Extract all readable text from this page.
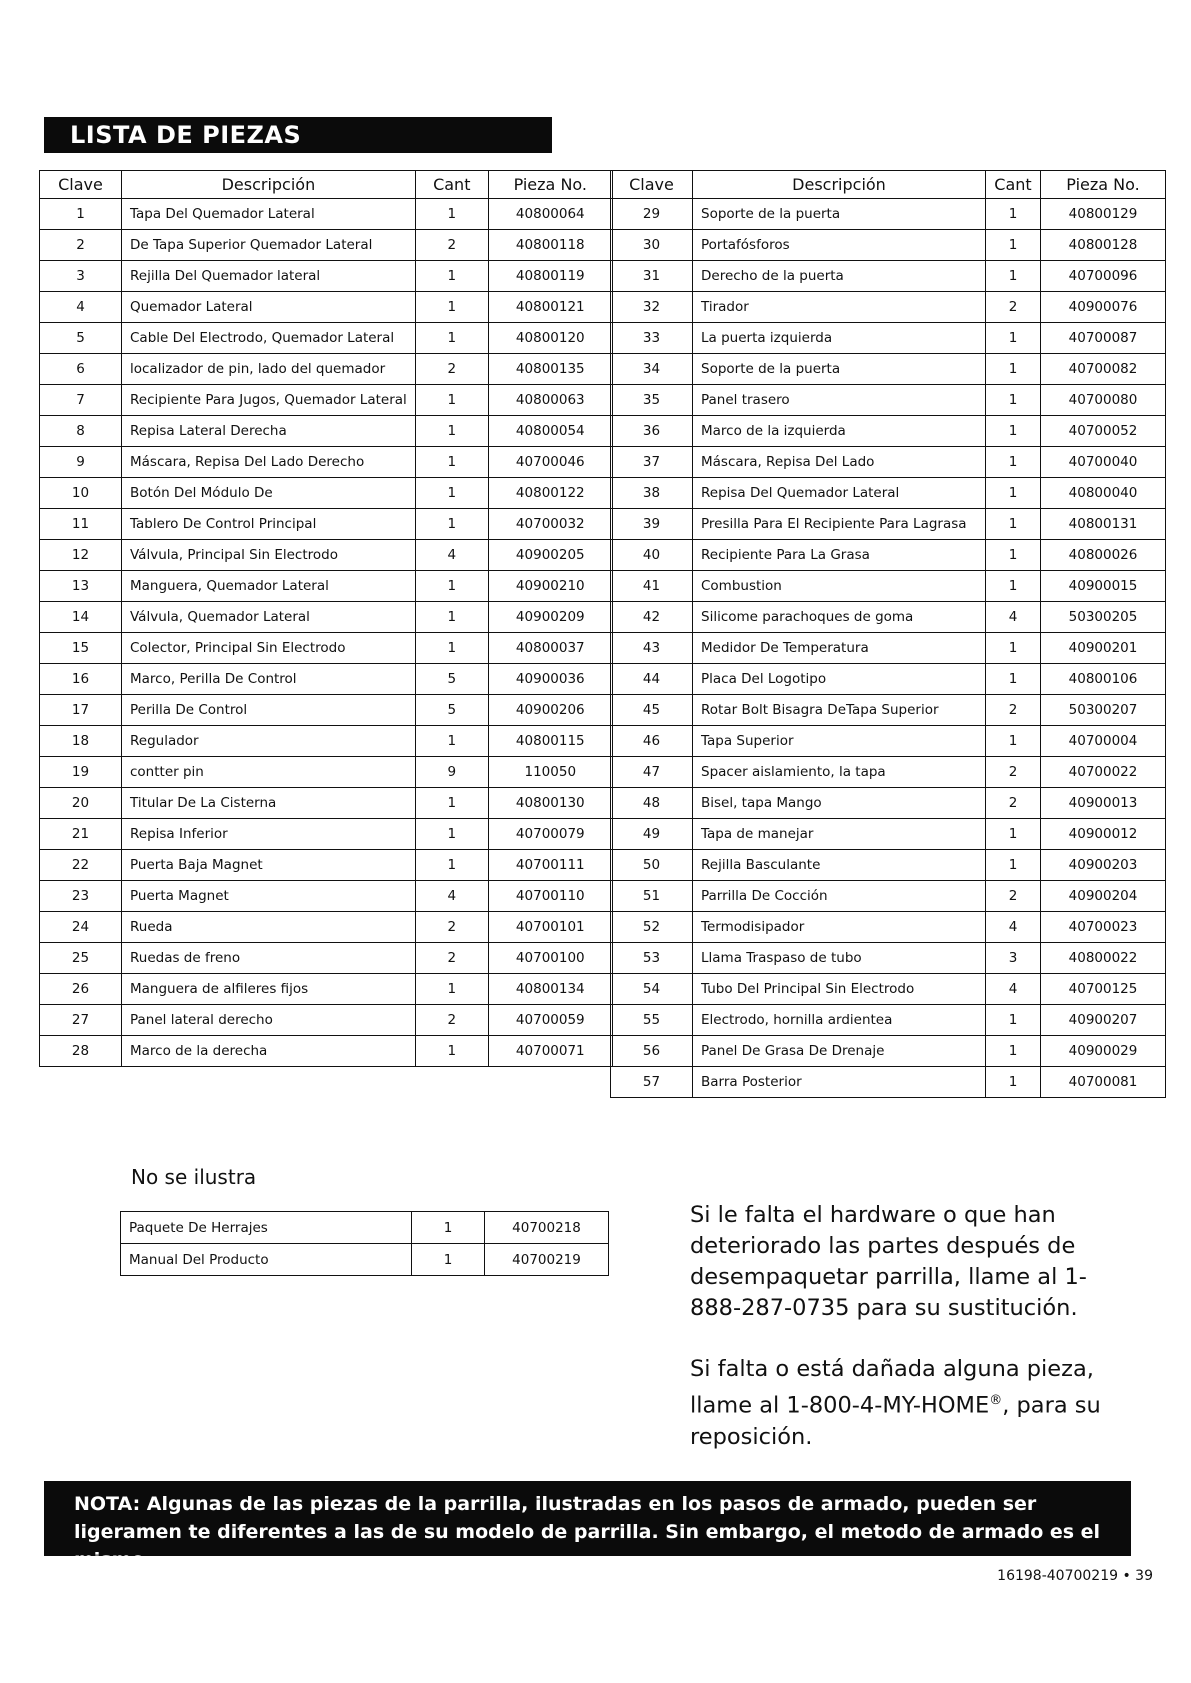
LISTA DE PIEZAS
Clave	Descripción	Cant	Pieza No.
1	Tapa Del Quemador Lateral	1	40800064
2	De Tapa Superior Quemador Lateral	2	40800118
3	Rejilla Del Quemador lateral	1	40800119
4	Quemador Lateral	1	40800121
5	Cable Del Electrodo, Quemador Lateral	1	40800120
6	localizador de pin, lado del quemador	2	40800135
7	Recipiente Para Jugos, Quemador Lateral	1	40800063
8	Repisa Lateral Derecha	1	40800054
9	Máscara, Repisa Del Lado Derecho	1	40700046
10	Botón Del Módulo De	1	40800122
11	Tablero De Control Principal	1	40700032
12	Válvula, Principal Sin Electrodo	4	40900205
13	Manguera, Quemador Lateral	1	40900210
14	Válvula, Quemador Lateral	1	40900209
15	Colector, Principal Sin Electrodo	1	40800037
16	Marco, Perilla De Control	5	40900036
17	Perilla De Control	5	40900206
18	Regulador	1	40800115
19	contter pin	9	110050
20	Titular De La Cisterna	1	40800130
21	Repisa Inferior	1	40700079
22	Puerta Baja Magnet	1	40700111
23	Puerta Magnet	4	40700110
24	Rueda	2	40700101
25	Ruedas de freno	2	40700100
26	Manguera de alfileres fijos	1	40800134
27	Panel lateral derecho	2	40700059
28	Marco de la derecha	1	40700071
Clave	Descripción	Cant	Pieza No.
29	Soporte de la puerta	1	40800129
30	Portafósforos	1	40800128
31	Derecho de la puerta	1	40700096
32	Tirador	2	40900076
33	La puerta izquierda	1	40700087
34	Soporte de la puerta	1	40700082
35	Panel trasero	1	40700080
36	Marco de la izquierda	1	40700052
37	Máscara, Repisa Del Lado	1	40700040
38	Repisa Del Quemador Lateral	1	40800040
39	Presilla Para El Recipiente Para Lagrasa	1	40800131
40	Recipiente Para La Grasa	1	40800026
41	Combustion	1	40900015
42	Silicome parachoques de goma	4	50300205
43	Medidor De Temperatura	1	40900201
44	Placa Del Logotipo	1	40800106
45	Rotar Bolt Bisagra DeTapa Superior	2	50300207
46	Tapa Superior	1	40700004
47	Spacer aislamiento, la tapa	2	40700022
48	Bisel, tapa Mango	2	40900013
49	Tapa de manejar	1	40900012
50	Rejilla Basculante	1	40900203
51	Parrilla De Cocción	2	40900204
52	Termodisipador	4	40700023
53	Llama Traspaso de tubo	3	40800022
54	Tubo Del Principal Sin Electrodo	4	40700125
55	Electrodo, hornilla ardientea	1	40900207
56	Panel De Grasa De Drenaje	1	40900029
57	Barra Posterior	1	40700081
No se ilustra
Paquete De Herrajes	1	40700218
Manual Del Producto	1	40700219
Si le falta el hardware o que han deteriorado las partes después de desempaquetar parrilla, llame al 1-888-287-0735 para su sustitución.
Si falta o está dañada alguna pieza, llame al 1-800-4-MY-HOME®, para su reposición.
NOTA: Algunas de las piezas de la parrilla, ilustradas en los pasos de armado, pueden ser ligeramen te diferentes a las de su modelo de parrilla. Sin embargo, el metodo de armado es el mismo.
16198-40700219 • 39
